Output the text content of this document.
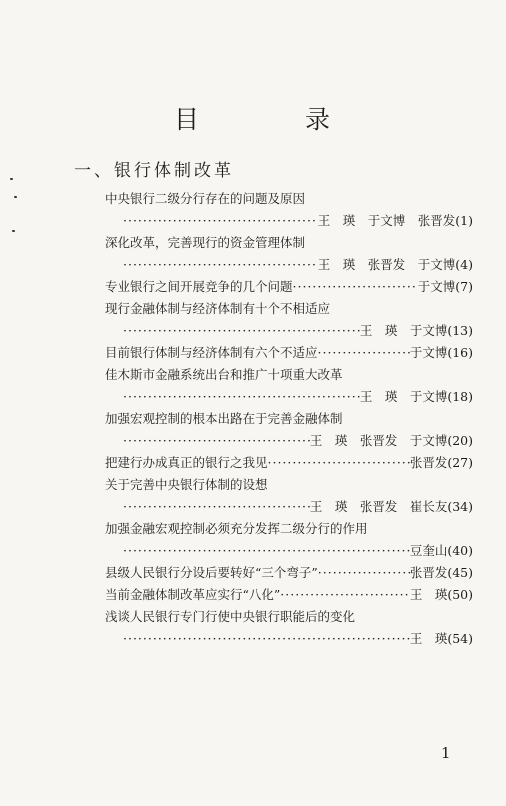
目	录
一、银行体制改革
中央银行二级分行存在的问题及原因
·····
王　瑛　于文博　张晋发(1)
深化改革，完善现行的资金管理体制
·····
王　瑛　张晋发　于文博(4)
专业银行之间开展竞争的几个问题 ·····	于文博(7)
现行金融体制与经济体制有十个不相适应
·····
王　瑛　于文博(13)
目前银行体制与经济体制有六个不适应 ·····	于文博(16)
佳木斯市金融系统出台和推广十项重大改革
·····
王　瑛　于文博(18)
加强宏观控制的根本出路在于完善金融体制
·····
王　瑛　张晋发　于文博(20)
把建行办成真正的银行之我见 ·····	张晋发(27)
关于完善中央银行体制的设想
·····
王　瑛　张晋发　崔长友(34)
加强金融宏观控制必须充分发挥二级分行的作用
·····
豆奎山(40)
县级人民银行分设后要转好“三个弯子” ·····	张晋发(45)
当前金融体制改革应实行“八化” ·····	王　瑛(50)
浅谈人民银行专门行使中央银行职能后的变化
·····
王　瑛(54)
1
